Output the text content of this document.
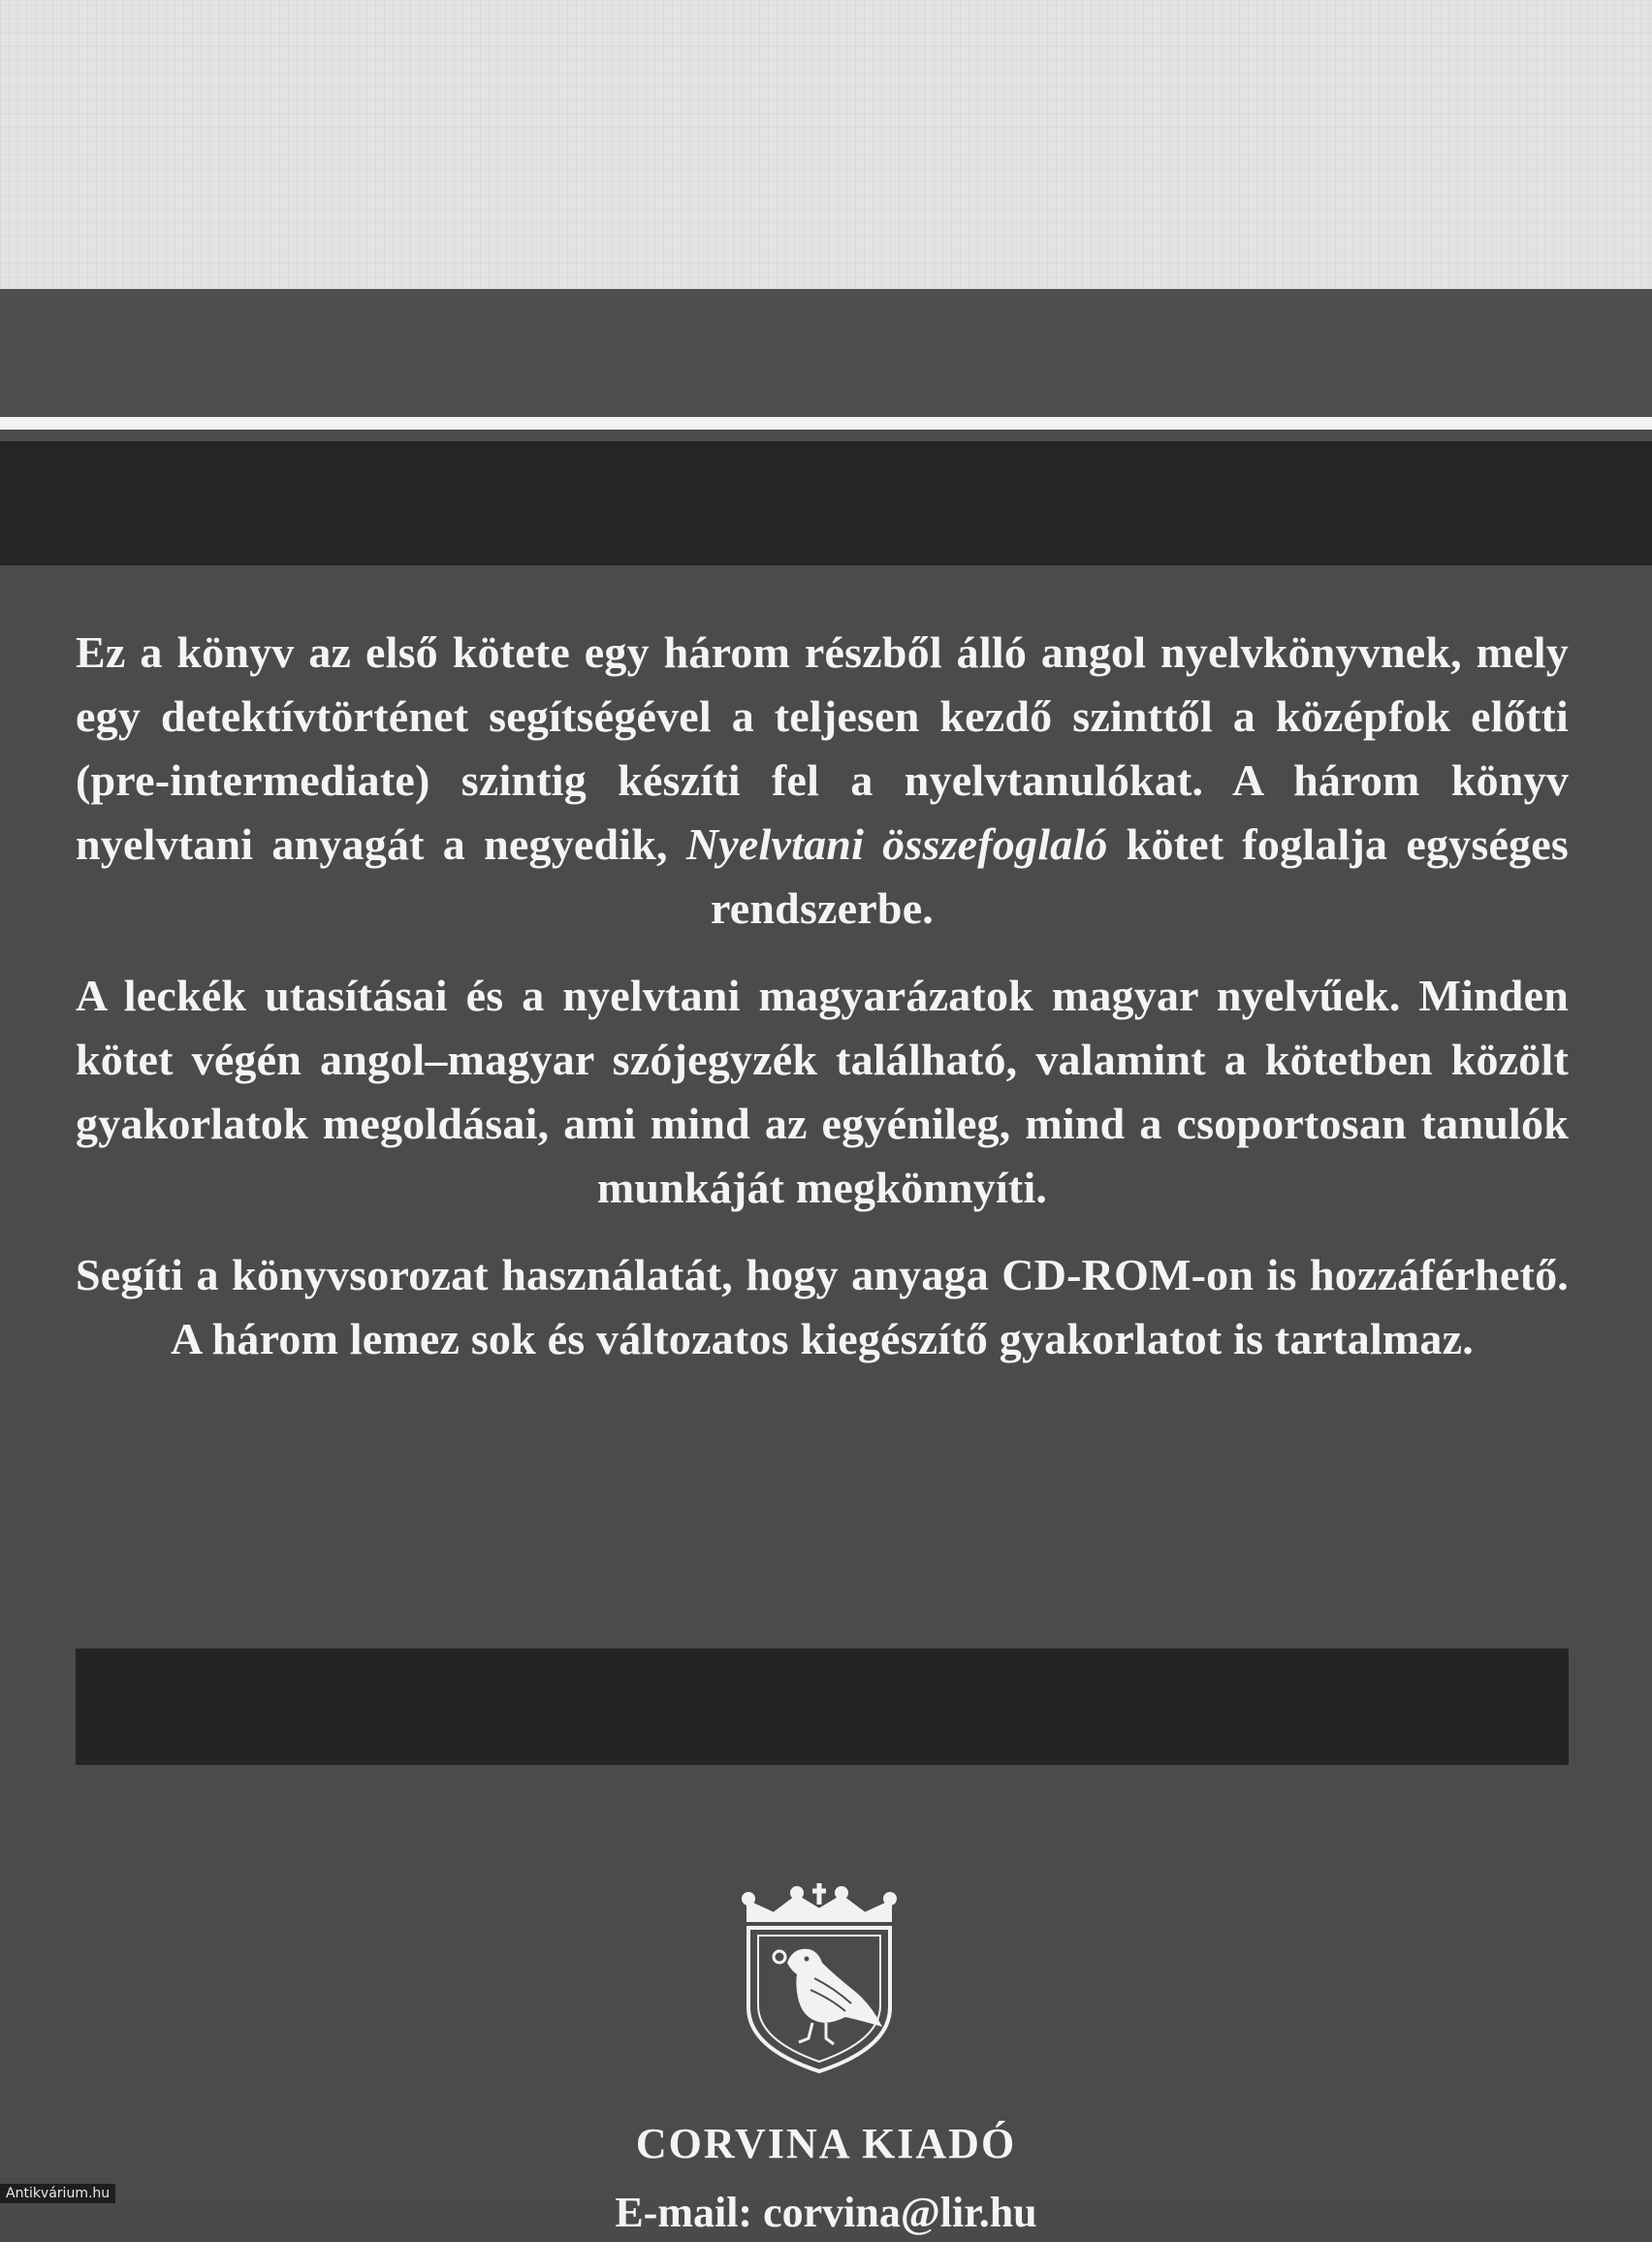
Ez a könyv az első kötete egy három részből álló angol nyelvkönyvnek, mely egy detektívtörténet segítségével a teljesen kezdő szinttől a középfok előtti (pre-intermediate) szintig készíti fel a nyelvtanulókat. A három könyv nyelvtani anyagát a negyedik, Nyelvtani összefoglaló kötet foglalja egységes rendszerbe.

A leckék utasításai és a nyelvtani magyarázatok magyar nyelvűek. Minden kötet végén angol–magyar szójegyzék található, valamint a kötetben közölt gyakorlatok megoldásai, ami mind az egyénileg, mind a csoportosan tanulók munkáját megkönnyíti.

Segíti a könyvsorozat használatát, hogy anyaga CD-ROM-on is hozzáférhető. A három lemez sok és változatos kiegészítő gyakorlatot is tartalmaz.

CORVINA KIADÓ
E-mail: corvina@lir.hu
Antikvárium.hu
